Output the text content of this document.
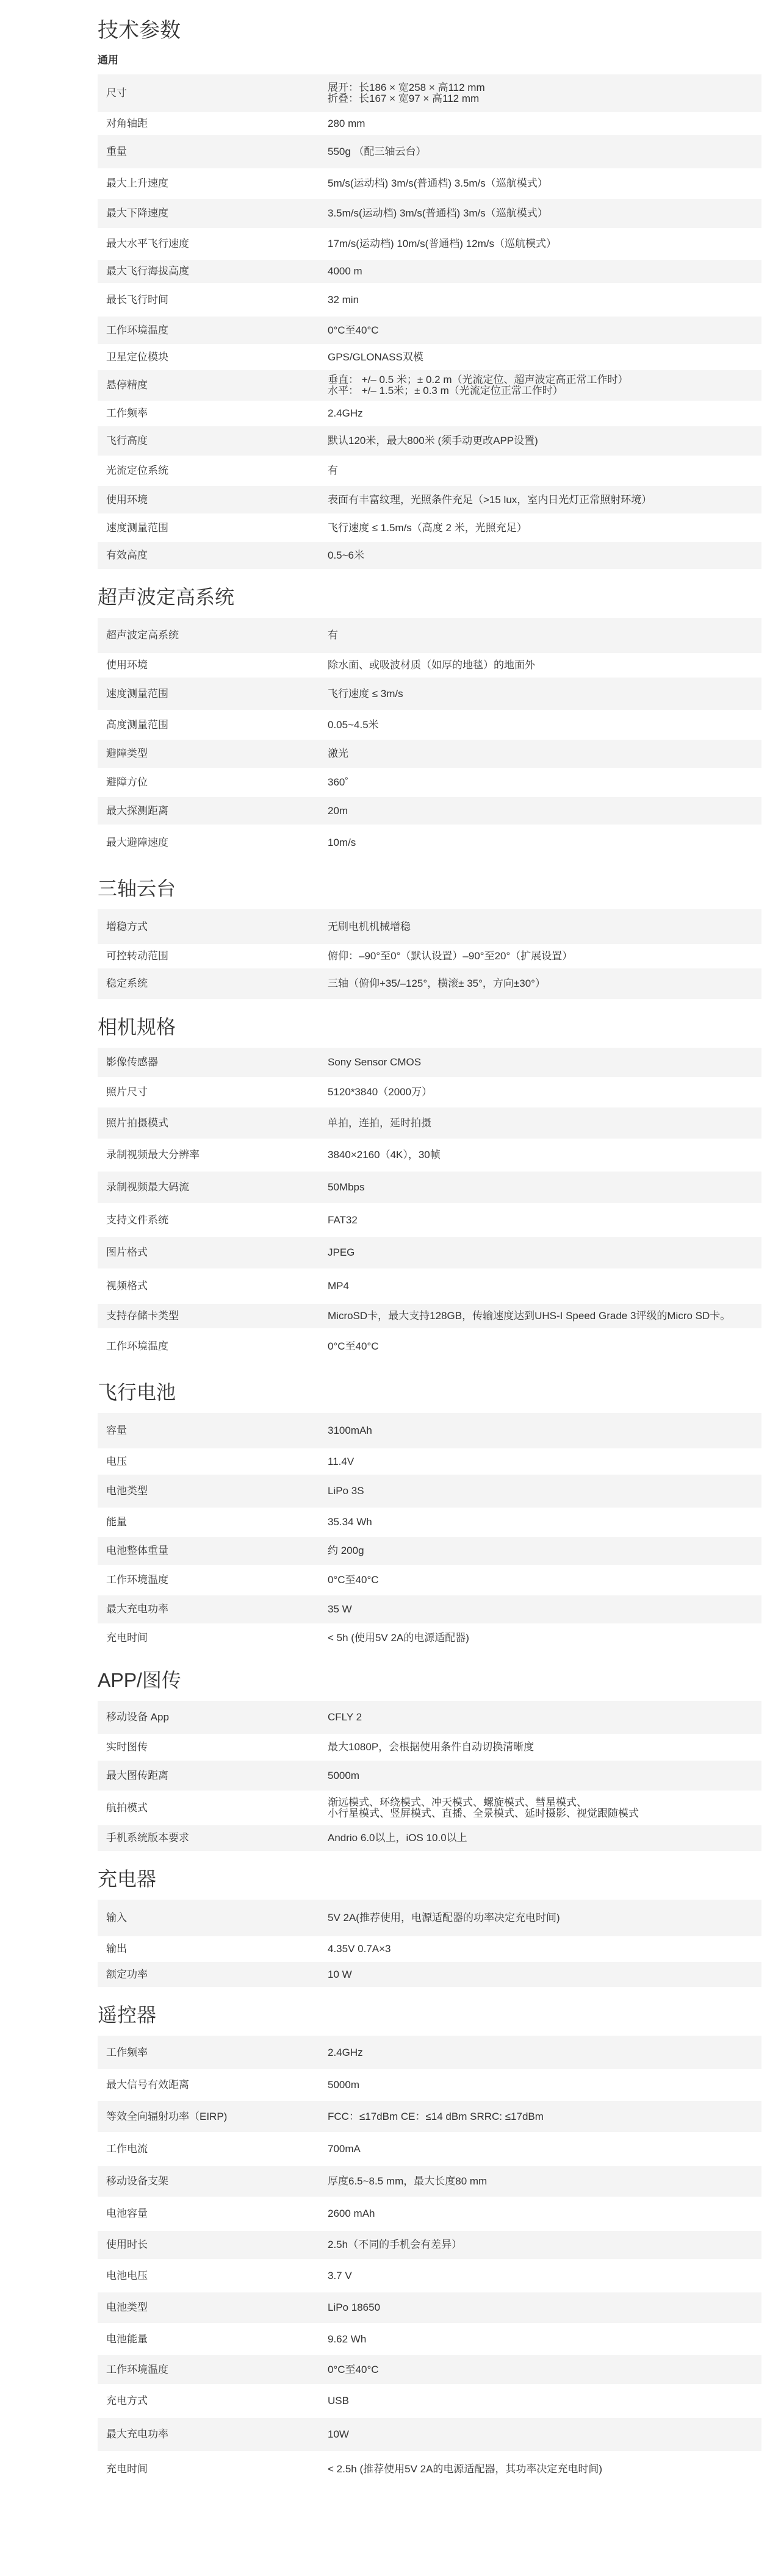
技术参数
通用
尺寸	展开：长186 × 宽258 × 高112 mm
折叠：长167 × 宽97 × 高112 mm

对角轴距	280 mm

重量	550g （配三轴云台）

最大上升速度	5m/s(运动档) 3m/s(普通档) 3.5m/s（巡航模式）

最大下降速度	3.5m/s(运动档) 3m/s(普通档) 3m/s（巡航模式）

最大水平飞行速度	17m/s(运动档) 10m/s(普通档) 12m/s（巡航模式）

最大飞行海拔高度	4000 m

最长飞行时间	32 min

工作环境温度	0°C至40°C

卫星定位模块	GPS/GLONASS双模

悬停精度	垂直： +/– 0.5 米；± 0.2 m（光流定位、超声波定高正常工作时）
水平： +/– 1.5米；± 0.3 m（光流定位正常工作时）

工作频率	2.4GHz

飞行高度	默认120米，最大800米 (须手动更改APP设置)

光流定位系统	有

使用环境	表面有丰富纹理，光照条件充足（>15 lux，室内日光灯正常照射环境）

速度测量范围	飞行速度 ≤ 1.5m/s（高度 2 米，光照充足）

有效高度	0.5~6米
超声波定高系统
超声波定高系统	有

使用环境	除水面、或吸波材质（如厚的地毯）的地面外

速度测量范围	飞行速度 ≤ 3m/s

高度测量范围	0.05~4.5米

避障类型	激光

避障方位	360˚

最大探测距离	20m

最大避障速度	10m/s
三轴云台
增稳方式	无刷电机机械增稳

可控转动范围	俯仰：–90°至0°（默认设置）–90°至20°（扩展设置）

稳定系统	三轴（俯仰+35/–125°，横滚± 35°，方向±30°）
相机规格
影像传感器	Sony Sensor CMOS

照片尺寸	5120*3840（2000万）

照片拍摄模式	单拍，连拍，延时拍摄

录制视频最大分辨率	3840×2160（4K），30帧

录制视频最大码流	50Mbps

支持文件系统	FAT32

图片格式	JPEG

视频格式	MP4

支持存储卡类型	MicroSD卡，最大支持128GB，传输速度达到UHS-I Speed Grade 3评级的Micro SD卡。

工作环境温度	0°C至40°C
飞行电池
容量	3100mAh

电压	11.4V

电池类型	LiPo 3S

能量	35.34 Wh

电池整体重量	约 200g

工作环境温度	0°C至40°C

最大充电功率	35 W

充电时间	< 5h (使用5V 2A的电源适配器)
APP/图传
移动设备 App	CFLY 2

实时图传	最大1080P，会根据使用条件自动切换清晰度

最大图传距离	5000m

航拍模式	渐远模式、环绕模式、冲天模式、螺旋模式、彗星模式、
小行星模式、竖屏模式、直播、全景模式、延时摄影、视觉跟随模式

手机系统版本要求	Andrio 6.0以上，iOS 10.0以上
充电器
输入	5V 2A(推荐使用，电源适配器的功率决定充电时间)

输出	4.35V 0.7A×3

额定功率	10 W
遥控器
工作频率	2.4GHz

最大信号有效距离	5000m

等效全向辐射功率（EIRP)	FCC：≤17dBm CE：≤14 dBm SRRC: ≤17dBm

工作电流	700mA

移动设备支架	厚度6.5~8.5 mm，最大长度80 mm

电池容量	2600 mAh

使用时长	2.5h（不同的手机会有差异）

电池电压	3.7 V

电池类型	LiPo 18650

电池能量	9.62 Wh

工作环境温度	0°C至40°C

充电方式	USB

最大充电功率	10W

充电时间	< 2.5h (推荐使用5V 2A的电源适配器，其功率决定充电时间)
